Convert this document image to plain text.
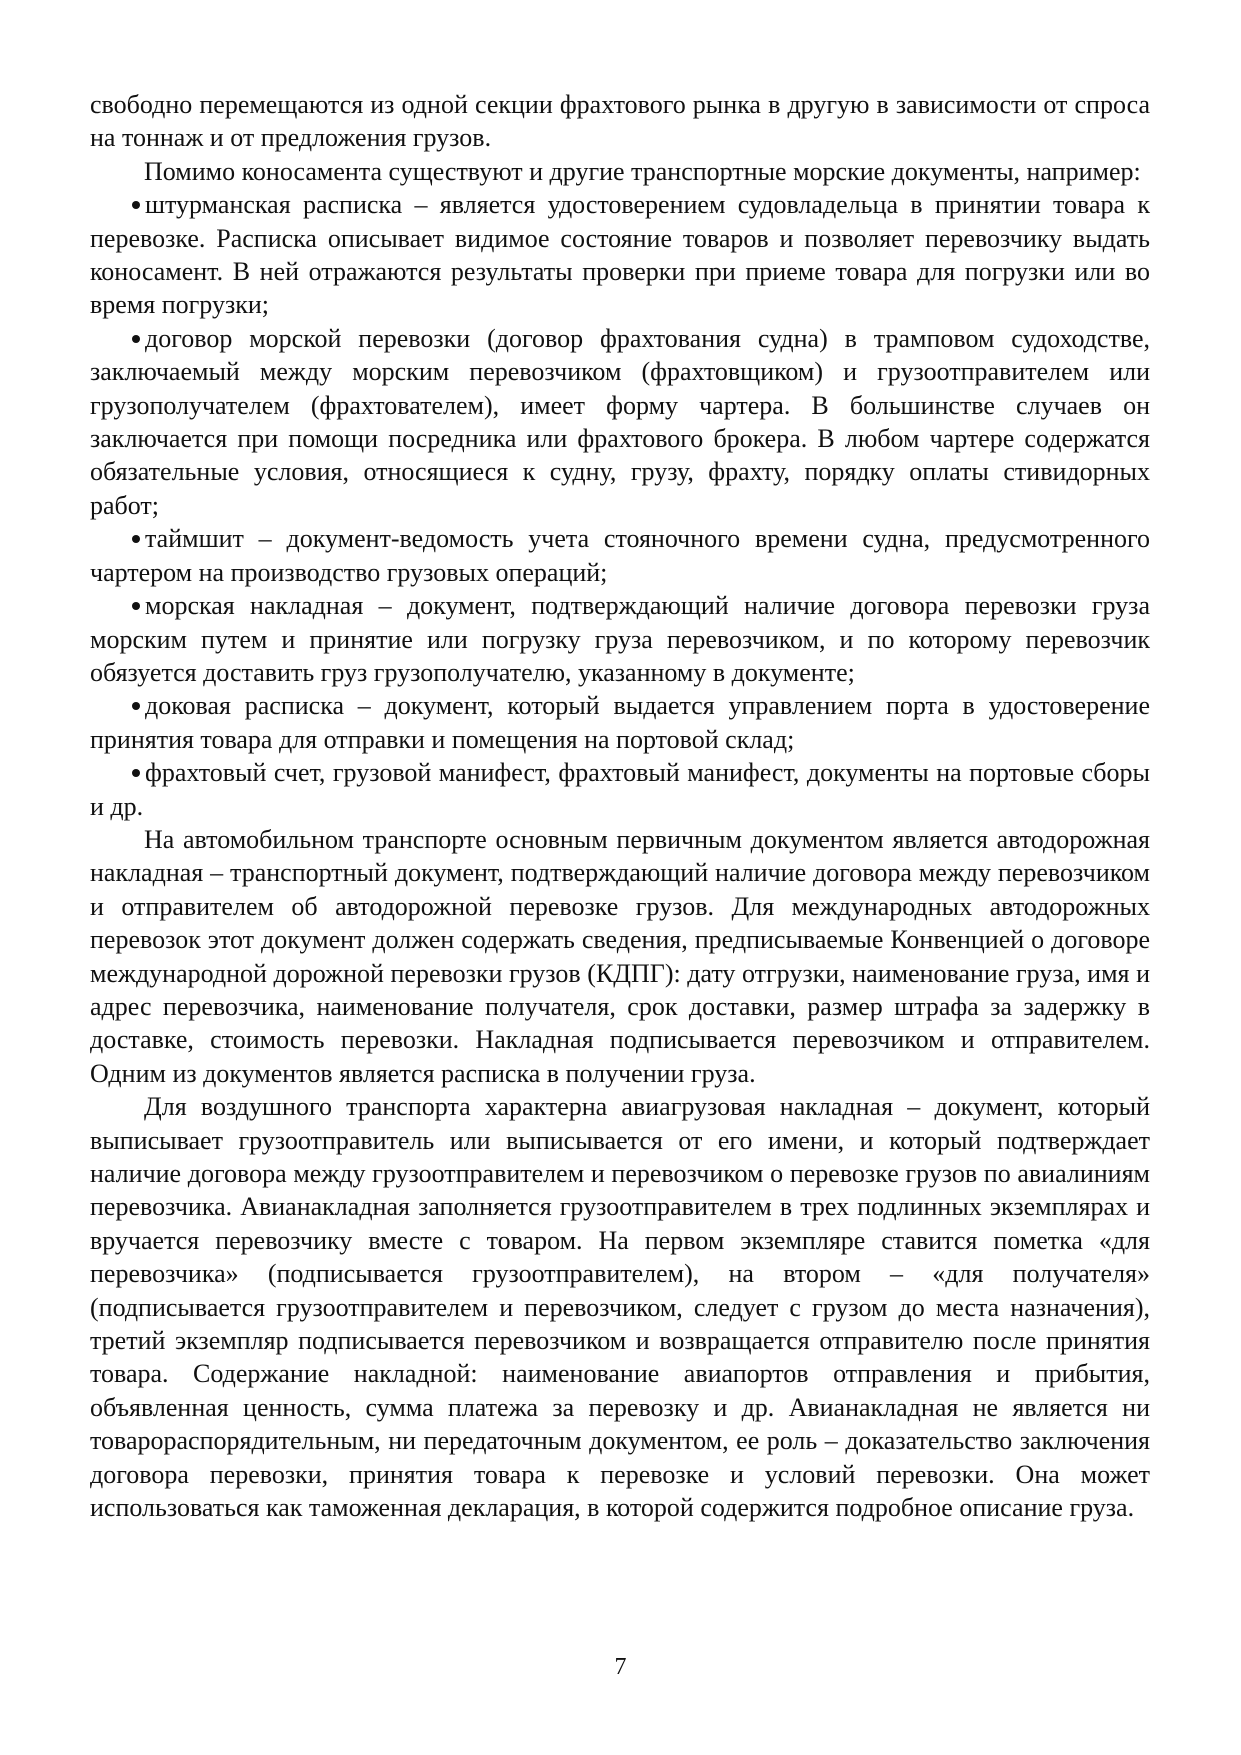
свободно перемещаются из одной секции фрахтового рынка в другую в зависимости от спроса на тоннаж и от предложения грузов.

Помимо коносамента существуют и другие транспортные морские документы, например:

штурманская расписка – является удостоверением судовладельца в принятии товара к перевозке. Расписка описывает видимое состояние товаров и позволяет перевозчику выдать коносамент. В ней отражаются результаты проверки при приеме товара для погрузки или во время погрузки;

договор морской перевозки (договор фрахтования судна) в трамповом судоходстве, заключаемый между морским перевозчиком (фрахтовщиком) и грузоотправителем или грузополучателем (фрахтователем), имеет форму чартера. В большинстве случаев он заключается при помощи посредника или фрахтового брокера. В любом чартере содержатся обязательные условия, относящиеся к судну, грузу, фрахту, порядку оплаты стивидорных работ;

таймшит – документ-ведомость учета стояночного времени судна, предусмотренного чартером на производство грузовых операций;

морская накладная – документ, подтверждающий наличие договора перевозки груза морским путем и принятие или погрузку груза перевозчиком, и по которому перевозчик обязуется доставить груз грузополучателю, указанному в документе;

доковая расписка – документ, который выдается управлением порта в удостоверение принятия товара для отправки и помещения на портовой склад;

фрахтовый счет, грузовой манифест, фрахтовый манифест, документы на портовые сборы и др.

На автомобильном транспорте основным первичным документом является автодорожная накладная – транспортный документ, подтверждающий наличие договора между перевозчиком и отправителем об автодорожной перевозке грузов. Для международных автодорожных перевозок этот документ должен содержать сведения, предписываемые Конвенцией о договоре международной дорожной перевозки грузов (КДПГ): дату отгрузки, наименование груза, имя и адрес перевозчика, наименование получателя, срок доставки, размер штрафа за задержку в доставке, стоимость перевозки. Накладная подписывается перевозчиком и отправителем. Одним из документов является расписка в получении груза.

Для воздушного транспорта характерна авиагрузовая накладная – документ, который выписывает грузоотправитель или выписывается от его имени, и который подтверждает наличие договора между грузоотправителем и перевозчиком о перевозке грузов по авиалиниям перевозчика. Авианакладная заполняется грузоотправителем в трех подлинных экземплярах и вручается перевозчику вместе с товаром. На первом экземпляре ставится пометка «для перевозчика» (подписывается грузоотправителем), на втором – «для получателя» (подписывается грузоотправителем и перевозчиком, следует с грузом до места назначения), третий экземпляр подписывается перевозчиком и возвращается отправителю после принятия товара. Содержание накладной: наименование авиапортов отправления и прибытия, объявленная ценность, сумма платежа за перевозку и др. Авианакладная не является ни товарораспорядительным, ни передаточным документом, ее роль – доказательство заключения договора перевозки, принятия товара к перевозке и условий перевозки. Она может использоваться как таможенная декларация, в которой содержится подробное описание груза.

7
